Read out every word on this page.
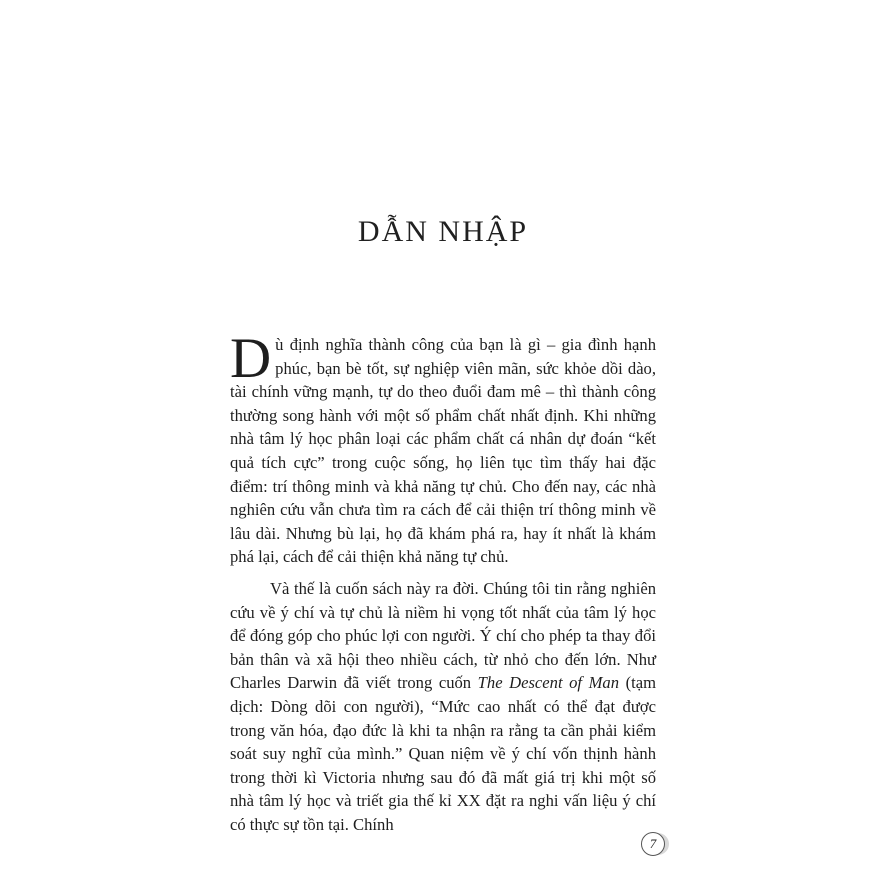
DẪN NHẬP

Dù định nghĩa thành công của bạn là gì – gia đình hạnh phúc, bạn bè tốt, sự nghiệp viên mãn, sức khỏe dồi dào, tài chính vững mạnh, tự do theo đuổi đam mê – thì thành công thường song hành với một số phẩm chất nhất định. Khi những nhà tâm lý học phân loại các phẩm chất cá nhân dự đoán “kết quả tích cực” trong cuộc sống, họ liên tục tìm thấy hai đặc điểm: trí thông minh và khả năng tự chủ. Cho đến nay, các nhà nghiên cứu vẫn chưa tìm ra cách để cải thiện trí thông minh về lâu dài. Nhưng bù lại, họ đã khám phá ra, hay ít nhất là khám phá lại, cách để cải thiện khả năng tự chủ.

Và thế là cuốn sách này ra đời. Chúng tôi tin rằng nghiên cứu về ý chí và tự chủ là niềm hi vọng tốt nhất của tâm lý học để đóng góp cho phúc lợi con người. Ý chí cho phép ta thay đổi bản thân và xã hội theo nhiều cách, từ nhỏ cho đến lớn. Như Charles Darwin đã viết trong cuốn The Descent of Man (tạm dịch: Dòng dõi con người), “Mức cao nhất có thể đạt được trong văn hóa, đạo đức là khi ta nhận ra rằng ta cần phải kiểm soát suy nghĩ của mình.” Quan niệm về ý chí vốn thịnh hành trong thời kì Victoria nhưng sau đó đã mất giá trị khi một số nhà tâm lý học và triết gia thế kỉ XX đặt ra nghi vấn liệu ý chí có thực sự tồn tại. Chính

7
